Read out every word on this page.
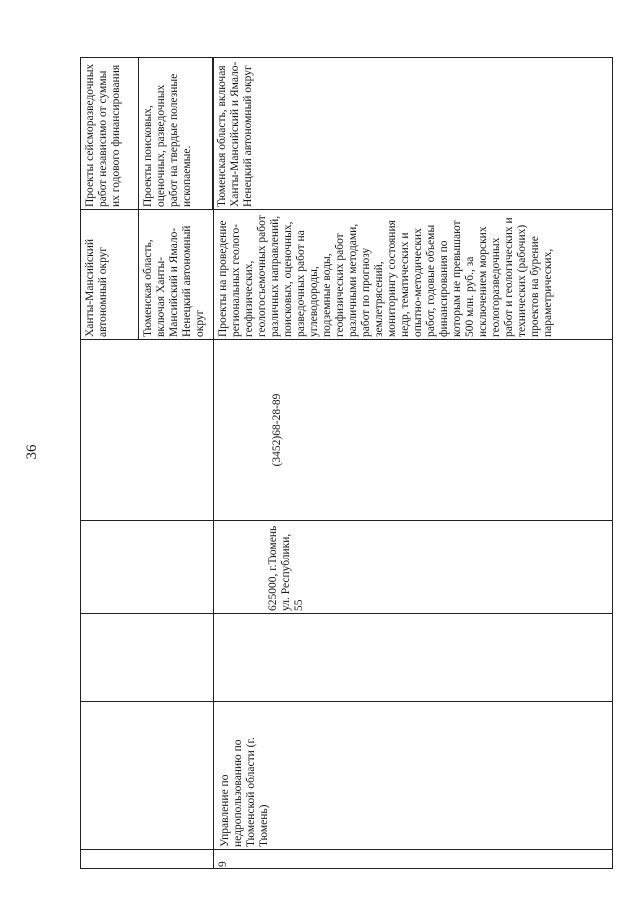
36
9
Управление по недропользованию по Тюменской области (г. Тюмень)
625000, г.Тюмень ул. Республики, 55
(3452)68-28-89
Проекты сейсморазведочных работ независимо от суммы их годового финансирования	Проекты поисковых, оценочных, разведочных работ на твердые полезные ископаемые.
Проекты на проведение региональных геолого-геофизических, геологосъемочных работ различных направлений, поисковых, оценочных, разведочных работ на углеводороды, подземные воды, геофизических работ различными методами, работ по прогнозу землетрясений, мониторингу состояния недр, тематических и опытно-методических работ, годовые объемы финансирования по которым не превышают 500 млн. руб., за исключением морских геологоразведочных работ и геологических и технических (рабочих) проектов на бурение параметрических,
Ханты-Мансийский автономный округ	Тюменская область, включая Ханты-Мансийский и Ямало-Ненецкий автономный округ
Тюменская область, включая Ханты-Мансийский и Ямало-Ненецкий автономный округ
